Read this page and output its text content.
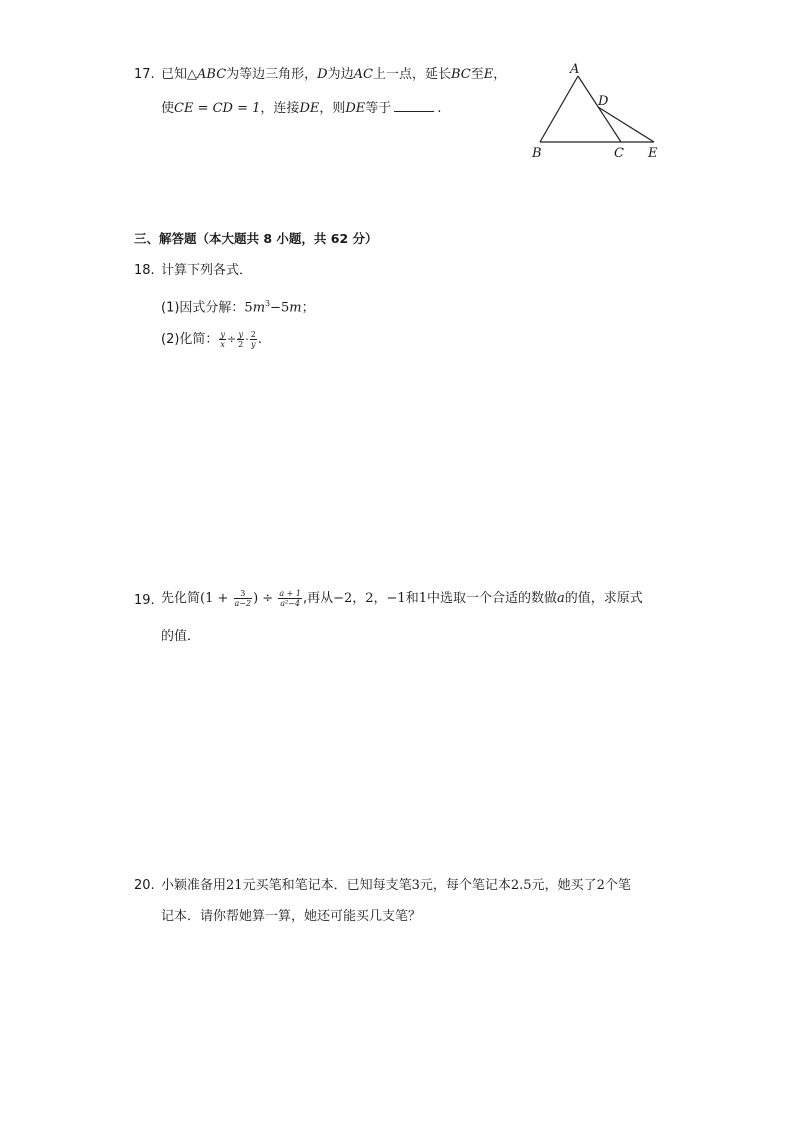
17. 已知△ABC为等边三角形，D为边AC上一点，延长BC至E，
使CE = CD = 1，连接DE，则DE等于	.
A
D
B	C E
三、解答题（本大题共 8 小题，共 62 分）
18. 计算下列各式．
(1)因式分解：$5m^3-5m$；
(2)化简： $\frac{y}{x} \div \frac{y}{2} \cdot \frac{2}{y}$ .
19. 先化简($1 + \frac{3}{a-2}$ ) ÷ $\frac{a + 1}{\text{a²−4}}$ ,再从−2，2，−1和1中选取一个合适的数做a的值，求原式
的值．
20. 小颖准备用21元买笔和笔记本．已知每支笔3元，每个笔记本2.5元，她买了2个笔
记本．请你帮她算一算，她还可能买几支笔？
